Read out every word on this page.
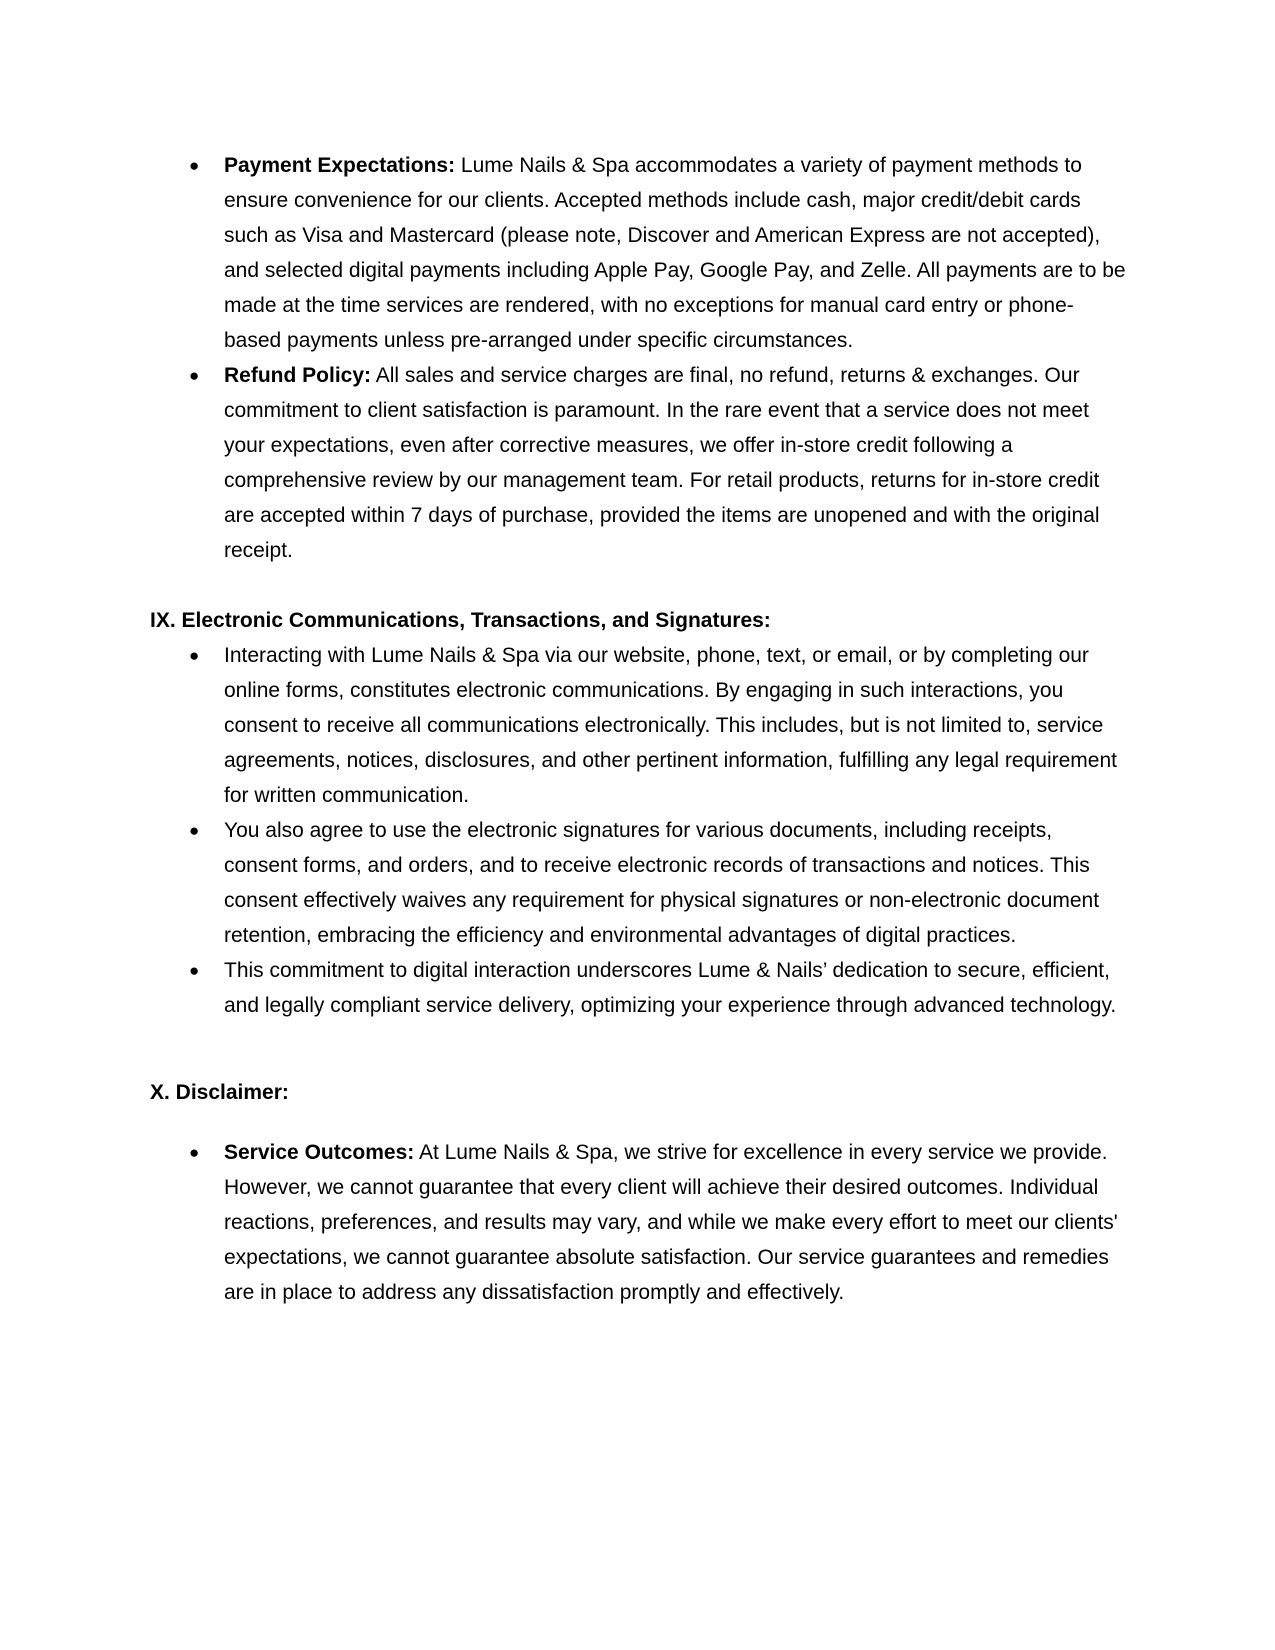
● Payment Expectations: Lume Nails & Spa accommodates a variety of payment methods to ensure convenience for our clients. Accepted methods include cash, major credit/debit cards such as Visa and Mastercard (please note, Discover and American Express are not accepted), and selected digital payments including Apple Pay, Google Pay, and Zelle. All payments are to be made at the time services are rendered, with no exceptions for manual card entry or phone-based payments unless pre-arranged under specific circumstances.
● Refund Policy: All sales and service charges are final, no refund, returns & exchanges. Our commitment to client satisfaction is paramount. In the rare event that a service does not meet your expectations, even after corrective measures, we offer in-store credit following a comprehensive review by our management team. For retail products, returns for in-store credit are accepted within 7 days of purchase, provided the items are unopened and with the original receipt.

IX. Electronic Communications, Transactions, and Signatures:

● Interacting with Lume Nails & Spa via our website, phone, text, or email, or by completing our online forms, constitutes electronic communications. By engaging in such interactions, you consent to receive all communications electronically. This includes, but is not limited to, service agreements, notices, disclosures, and other pertinent information, fulfilling any legal requirement for written communication.
● You also agree to use the electronic signatures for various documents, including receipts, consent forms, and orders, and to receive electronic records of transactions and notices. This consent effectively waives any requirement for physical signatures or non-electronic document retention, embracing the efficiency and environmental advantages of digital practices.
● This commitment to digital interaction underscores Lume & Nails’ dedication to secure, efficient, and legally compliant service delivery, optimizing your experience through advanced technology.

X. Disclaimer:

● Service Outcomes: At Lume Nails & Spa, we strive for excellence in every service we provide. However, we cannot guarantee that every client will achieve their desired outcomes. Individual reactions, preferences, and results may vary, and while we make every effort to meet our clients' expectations, we cannot guarantee absolute satisfaction. Our service guarantees and remedies are in place to address any dissatisfaction promptly and effectively.
